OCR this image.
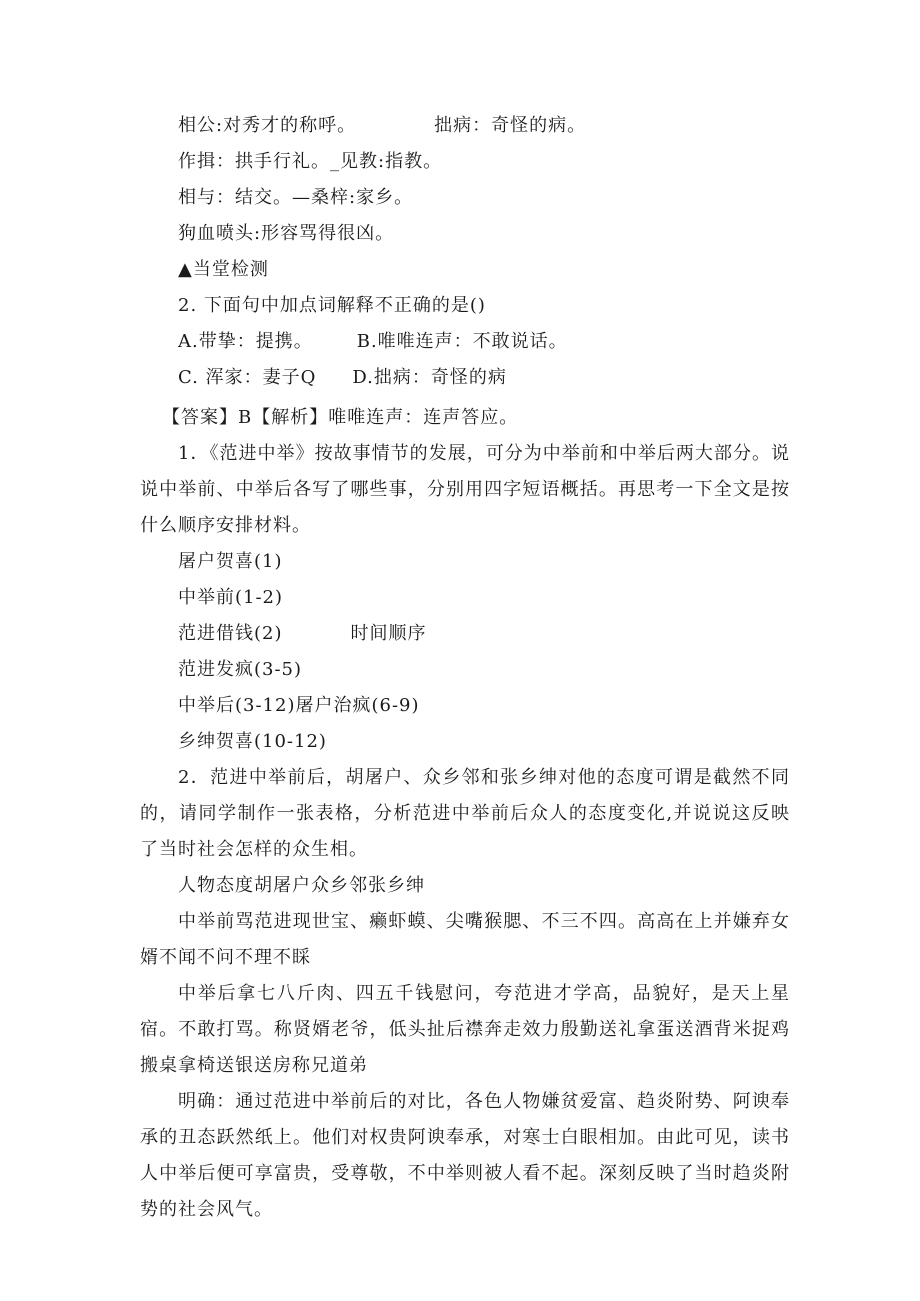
相公:对秀才的称呼。	拙病：奇怪的病。
作揖：拱手行礼。_见教:指教。
相与：结交。—桑梓:家乡。
狗血喷头:形容骂得很凶。
▲当堂检测
2. 下面句中加点词解释不正确的是()
A.带挚：提携。 B.唯唯连声：不敢说话。
C. 浑家：妻子Q D.拙病：奇怪的病
【答案】B【解析】唯唯连声：连声答应。
1．《范进中举》按故事情节的发展，可分为中举前和中举后两大部分。说说中举前、中举后各写了哪些事，分别用四字短语概括。再思考一下全文是按什么顺序安排材料。
屠户贺喜(1)
中举前(1-2)
范进借钱(2)	时间顺序
范进发疯(3-5)
中举后(3-12)屠户治疯(6-9)
乡绅贺喜(10-12)
2．范进中举前后，胡屠户、众乡邻和张乡绅对他的态度可谓是截然不同的，请同学制作一张表格，分析范进中举前后众人的态度变化,并说说这反映了当时社会怎样的众生相。
人物态度胡屠户众乡邻张乡绅
中举前骂范进现世宝、癞虾蟆、尖嘴猴腮、不三不四。高高在上并嫌弃女婿不闻不问不理不睬
中举后拿七八斤肉、四五千钱慰问，夸范进才学高，品貌好，是天上星宿。不敢打骂。称贤婿老爷，低头扯后襟奔走效力殷勤送礼拿蛋送酒背米捉鸡搬桌拿椅送银送房称兄道弟
明确：通过范进中举前后的对比，各色人物嫌贫爱富、趋炎附势、阿谀奉承的丑态跃然纸上。他们对权贵阿谀奉承，对寒士白眼相加。由此可见，读书人中举后便可享富贵，受尊敬，不中举则被人看不起。深刻反映了当时趋炎附势的社会风气。
